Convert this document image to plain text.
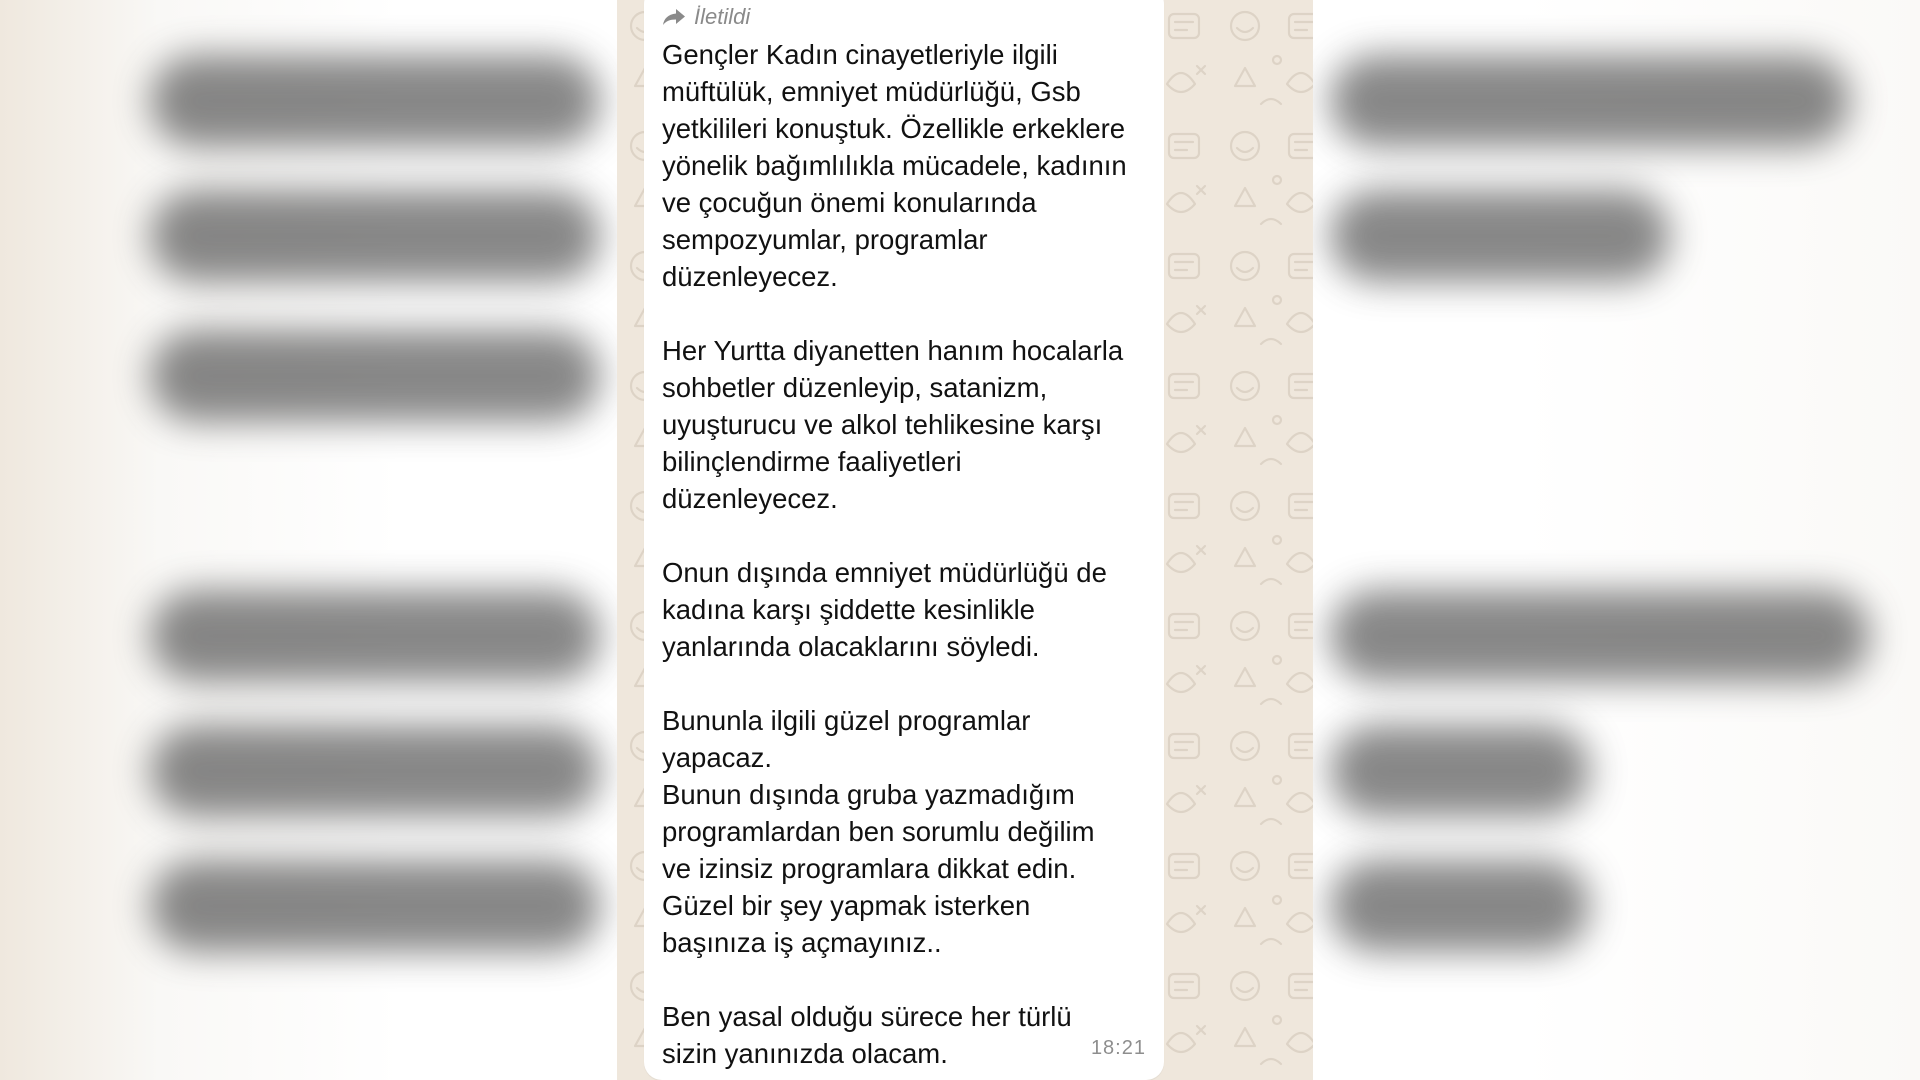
İletildi

Gençler Kadın cinayetleriyle ilgili
müftülük, emniyet müdürlüğü, Gsb
yetkilileri konuştuk. Özellikle erkeklere
yönelik bağımlılıkla mücadele, kadının
ve çocuğun önemi konularında
sempozyumlar, programlar
düzenleyecez.

Her Yurtta diyanetten hanım hocalarla
sohbetler düzenleyip, satanizm,
uyuşturucu ve alkol tehlikesine karşı
bilinçlendirme faaliyetleri
düzenleyecez.

Onun dışında emniyet müdürlüğü de
kadına karşı şiddette kesinlikle
yanlarında olacaklarını söyledi.

Bununla ilgili güzel programlar
yapacaz.
Bunun dışında gruba yazmadığım
programlardan ben sorumlu değilim
ve izinsiz programlara dikkat edin.
Güzel bir şey yapmak isterken
başınıza iş açmayınız..

Ben yasal olduğu sürece her türlü
sizin yanınızda olacam.	18:21
